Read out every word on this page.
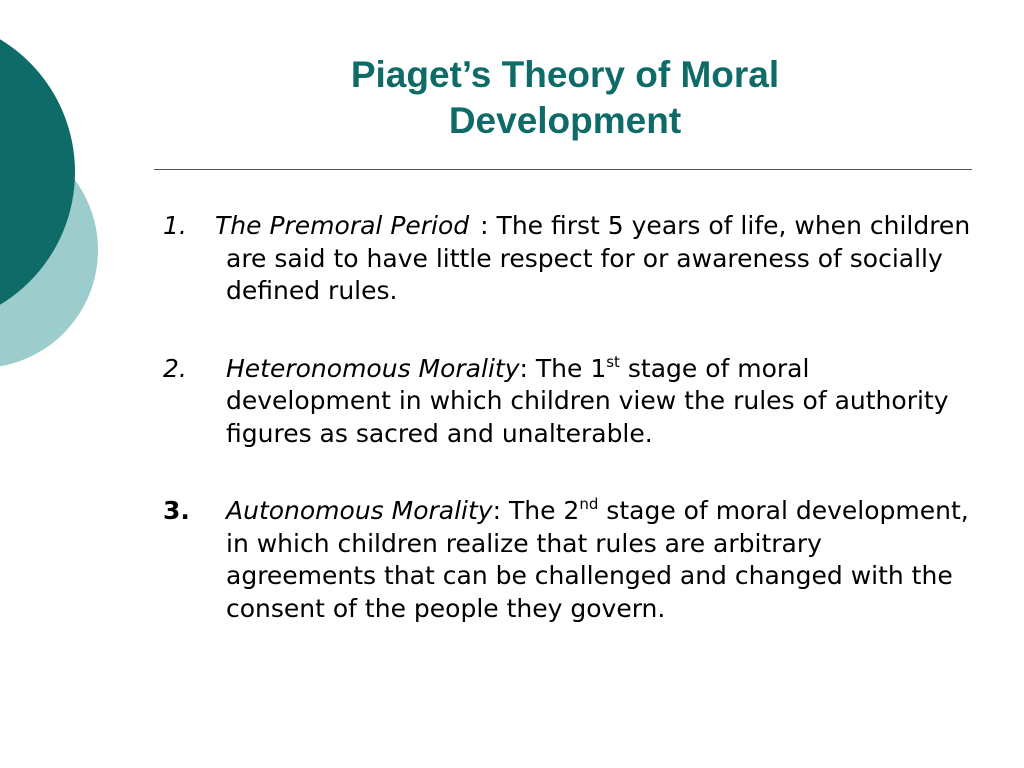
Piaget’s Theory of Moral
Development
1. The Premoral Period : The first 5 years of life, when children are said to have little respect for or awareness of socially defined rules.
2. Heteronomous Morality: The 1st stage of moral development in which children view the rules of authority figures as sacred and unalterable.
3. Autonomous Morality: The 2nd stage of moral development, in which children realize that rules are arbitrary agreements that can be challenged and changed with the consent of the people they govern.
